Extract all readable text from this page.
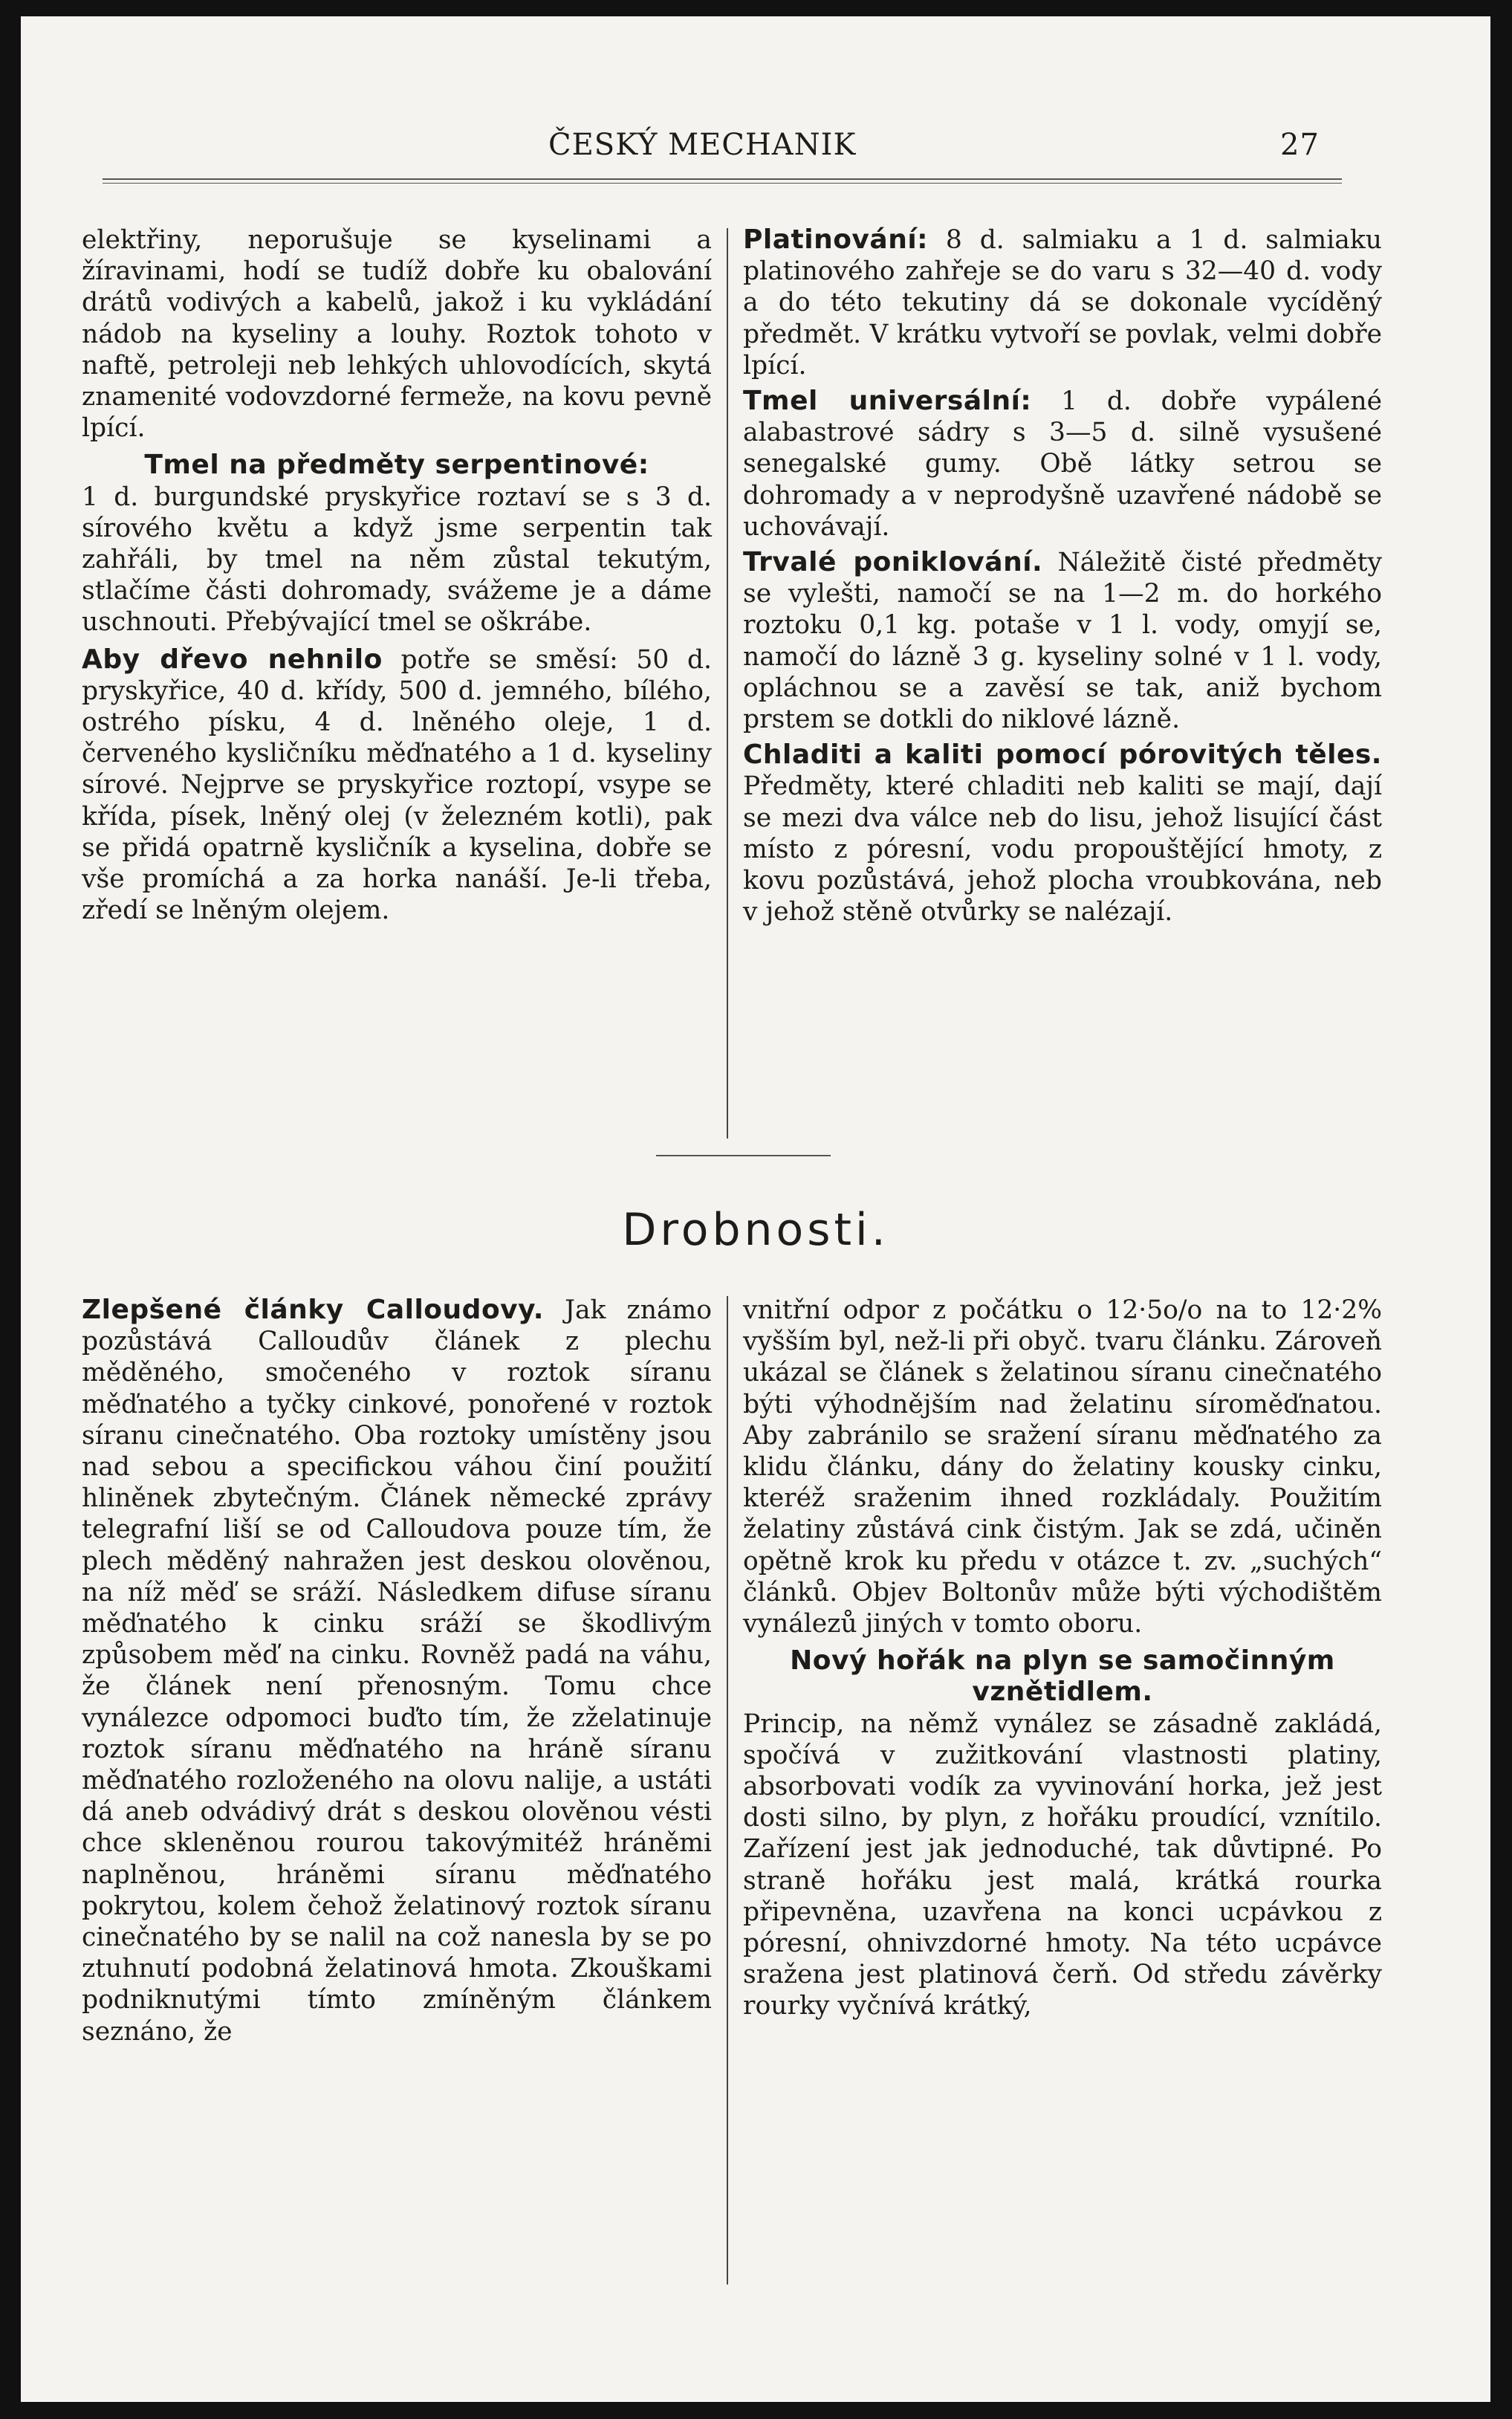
ČESKÝ MECHANIK	27

elektřiny, neporušuje se kyselinami a žíravinami, hodí se tudíž dobře ku obalování drátů vodivých a kabelů, jakož i ku vykládání nádob na kyseliny a louhy. Roztok tohoto v naftě, petroleji neb lehkých uhlovodících, skytá znamenité vodovzdorné fermeže, na kovu pevně lpící.

Tmel na předměty serpentinové:

1 d. burgundské pryskyřice roztaví se s 3 d. sírového květu a když jsme serpentin tak zahřáli, by tmel na něm zůstal tekutým, stlačíme části dohromady, svážeme je a dáme uschnouti. Přebývající tmel se oškrábe.

Aby dřevo nehnilo potře se směsí: 50 d. pryskyřice, 40 d. křídy, 500 d. jemného, bílého, ostrého písku, 4 d. lněného oleje, 1 d. červeného kysličníku měďnatého a 1 d. kyseliny sírové. Nejprve se pryskyřice roztopí, vsype se křída, písek, lněný olej (v železném kotli), pak se přidá opatrně kysličník a kyselina, dobře se vše promíchá a za horka nanáší. Je-li třeba, zředí se lněným olejem.

Platinování: 8 d. salmiaku a 1 d. salmiaku platinového zahřeje se do varu s 32—40 d. vody a do této tekutiny dá se dokonale vycíděný předmět. V krátku vytvoří se povlak, velmi dobře lpící.

Tmel universální: 1 d. dobře vypálené alabastrové sádry s 3—5 d. silně vysušené senegalské gumy. Obě látky setrou se dohromady a v neprodyšně uzavřené nádobě se uchovávají.

Trvalé poniklování. Náležitě čisté předměty se vylešti, namočí se na 1—2 m. do horkého roztoku 0,1 kg. potaše v 1 l. vody, omyjí se, namočí do lázně 3 g. kyseliny solné v 1 l. vody, opláchnou se a zavěsí se tak, aniž bychom prstem se dotkli do niklové lázně.

Chladiti a kaliti pomocí pórovitých těles. Předměty, které chladiti neb kaliti se mají, dají se mezi dva válce neb do lisu, jehož lisující část místo z póresní, vodu propouštějící hmoty, z kovu pozůstává, jehož plocha vroubkována, neb v jehož stěně otvůrky se nalézají.

Drobnosti.

Zlepšené články Calloudovy. Jak známo pozůstává Calloudův článek z plechu měděného, smočeného v roztok síranu měďnatého a tyčky cinkové, ponořené v roztok síranu cinečnatého. Oba roztoky umístěny jsou nad sebou a specifickou váhou činí použití hliněnek zbytečným. Článek německé zprávy telegrafní liší se od Calloudova pouze tím, že plech měděný nahražen jest deskou olověnou, na níž měď se sráží. Následkem difuse síranu měďnatého k cinku sráží se škodlivým způsobem měď na cinku. Rovněž padá na váhu, že článek není přenosným. Tomu chce vynálezce odpomoci buďto tím, že zželatinuje roztok síranu měďnatého na hráně síranu měďnatého rozloženého na olovu nalije, a ustáti dá aneb odvádivý drát s deskou olověnou vésti chce skleněnou rourou takovýmitéž hráněmi naplněnou, hráněmi síranu měďnatého pokrytou, kolem čehož želatinový roztok síranu cinečnatého by se nalil na což nanesla by se po ztuhnutí podobná želatinová hmota. Zkouškami podniknutými tímto zmíněným článkem seznáno, že

vnitřní odpor z počátku o 12·5o/o na to 12·2% vyšším byl, než-li při obyč. tvaru článku. Zároveň ukázal se článek s želatinou síranu cinečnatého býti výhodnějším nad želatinu síroměďnatou. Aby zabránilo se sražení síranu měďnatého za klidu článku, dány do želatiny kousky cinku, kteréž sraženim ihned rozkládaly. Použitím želatiny zůstává cink čistým. Jak se zdá, učiněn opětně krok ku předu v otázce t. zv. „suchých“ článků. Objev Boltonův může býti východištěm vynálezů jiných v tomto oboru.

Nový hořák na plyn se samočinným vznětidlem.

Princip, na němž vynález se zásadně zakládá, spočívá v zužitkování vlastnosti platiny, absorbovati vodík za vyvinování horka, jež jest dosti silno, by plyn, z hořáku proudící, vznítilo. Zařízení jest jak jednoduché, tak důvtipné. Po straně hořáku jest malá, krátká rourka připevněna, uzavřena na konci ucpávkou z póresní, ohnivzdorné hmoty. Na této ucpávce sražena jest platinová čerň. Od středu závěrky rourky vyčnívá krátký,
